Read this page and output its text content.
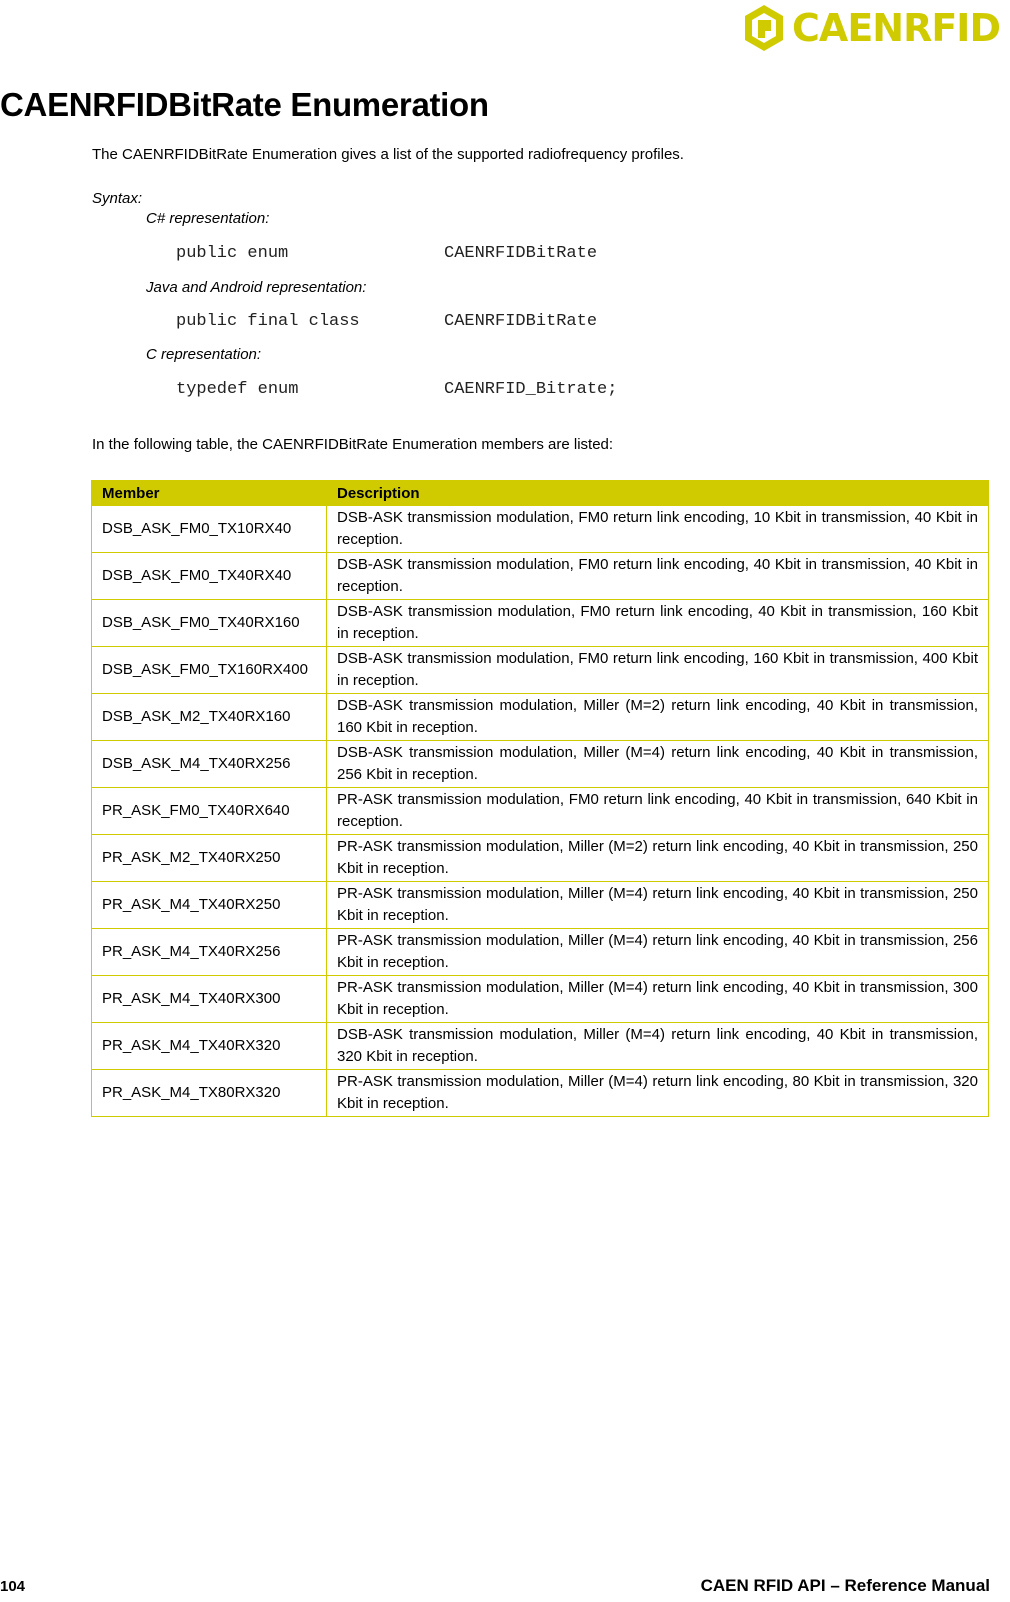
CAENRFID
CAENRFIDBitRate Enumeration
The CAENRFIDBitRate Enumeration gives a list of the supported radiofrequency profiles.
Syntax:
C# representation:
public enum	CAENRFIDBitRate
Java and Android representation:
public final class	CAENRFIDBitRate
C representation:
typedef enum	CAENRFID_Bitrate;
In the following table, the CAENRFIDBitRate Enumeration members are listed:
Member	Description
DSB_ASK_FM0_TX10RX40	DSB-ASK transmission modulation, FM0 return link encoding, 10 Kbit in transmission, 40 Kbit in reception.
DSB_ASK_FM0_TX40RX40	DSB-ASK transmission modulation, FM0 return link encoding, 40 Kbit in transmission, 40 Kbit in reception.
DSB_ASK_FM0_TX40RX160	DSB-ASK transmission modulation, FM0 return link encoding, 40 Kbit in transmission, 160 Kbit in reception.
DSB_ASK_FM0_TX160RX400	DSB-ASK transmission modulation, FM0 return link encoding, 160 Kbit in transmission, 400 Kbit in reception.
DSB_ASK_M2_TX40RX160	DSB-ASK transmission modulation, Miller (M=2) return link encoding, 40 Kbit in transmission, 160 Kbit in reception.
DSB_ASK_M4_TX40RX256	DSB-ASK transmission modulation, Miller (M=4) return link encoding, 40 Kbit in transmission, 256 Kbit in reception.
PR_ASK_FM0_TX40RX640	PR-ASK transmission modulation, FM0 return link encoding, 40 Kbit in transmission, 640 Kbit in reception.
PR_ASK_M2_TX40RX250	PR-ASK transmission modulation, Miller (M=2) return link encoding, 40 Kbit in transmission, 250 Kbit in reception.
PR_ASK_M4_TX40RX250	PR-ASK transmission modulation, Miller (M=4) return link encoding, 40 Kbit in transmission, 250 Kbit in reception.
PR_ASK_M4_TX40RX256	PR-ASK transmission modulation, Miller (M=4) return link encoding, 40 Kbit in transmission, 256 Kbit in reception.
PR_ASK_M4_TX40RX300	PR-ASK transmission modulation, Miller (M=4) return link encoding, 40 Kbit in transmission, 300 Kbit in reception.
PR_ASK_M4_TX40RX320	DSB-ASK transmission modulation, Miller (M=4) return link encoding, 40 Kbit in transmission, 320 Kbit in reception.
PR_ASK_M4_TX80RX320	PR-ASK transmission modulation, Miller (M=4) return link encoding, 80 Kbit in transmission, 320 Kbit in reception.
104	CAEN RFID API – Reference Manual
